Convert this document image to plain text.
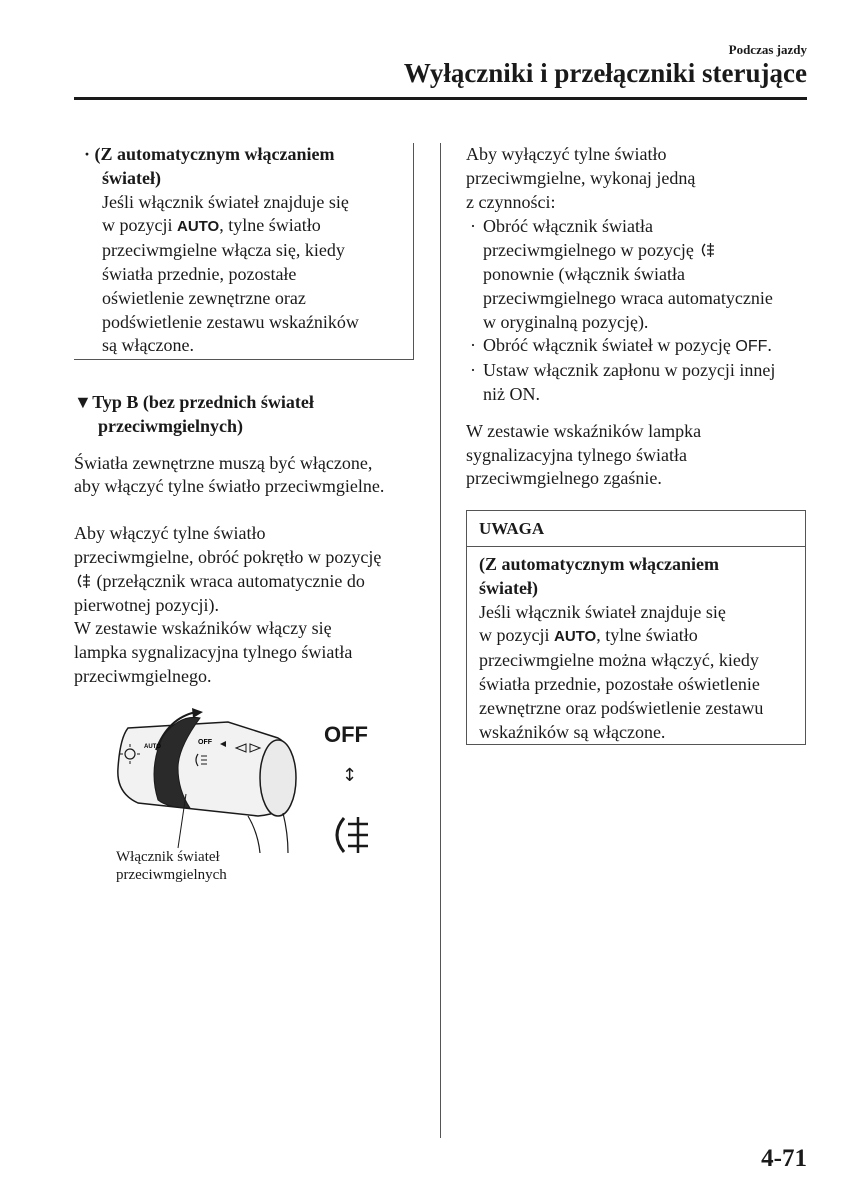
Podczas jazdy
Wyłączniki i przełączniki sterujące
· (Z automatycznym włączaniem
świateł)
Jeśli włącznik świateł znajduje się
w pozycji AUTO, tylne światło
przeciwmgielne włącza się, kiedy
światła przednie, pozostałe
oświetlenie zewnętrzne oraz
podświetlenie zestawu wskaźników
są włączone.
▼ Typ B (bez przednich świateł
przeciwmgielnych)
Światła zewnętrzne muszą być włączone,
aby włączyć tylne światło przeciwmgielne.
Aby włączyć tylne światło
przeciwmgielne, obróć pokrętło w pozycję
(przełącznik wraca automatycznie do
pierwotnej pozycji).
W zestawie wskaźników włączy się
lampka sygnalizacyjna tylnego światła
przeciwmgielnego.
OFF
AUTO	OFF
↕
Włącznik świateł
przeciwmgielnych
Aby wyłączyć tylne światło
przeciwmgielne, wykonaj jedną
z czynności:
· Obróć włącznik światła
przeciwmgielnego w pozycję
ponownie (włącznik światła
przeciwmgielnego wraca automatycznie
w oryginalną pozycję).
· Obróć włącznik świateł w pozycję OFF.
· Ustaw włącznik zapłonu w pozycji innej
niż ON.
W zestawie wskaźników lampka
sygnalizacyjna tylnego światła
przeciwmgielnego zgaśnie.
UWAGA
(Z automatycznym włączaniem
świateł)
Jeśli włącznik świateł znajduje się
w pozycji AUTO, tylne światło
przeciwmgielne można włączyć, kiedy
światła przednie, pozostałe oświetlenie
zewnętrzne oraz podświetlenie zestawu
wskaźników są włączone.
4-71
